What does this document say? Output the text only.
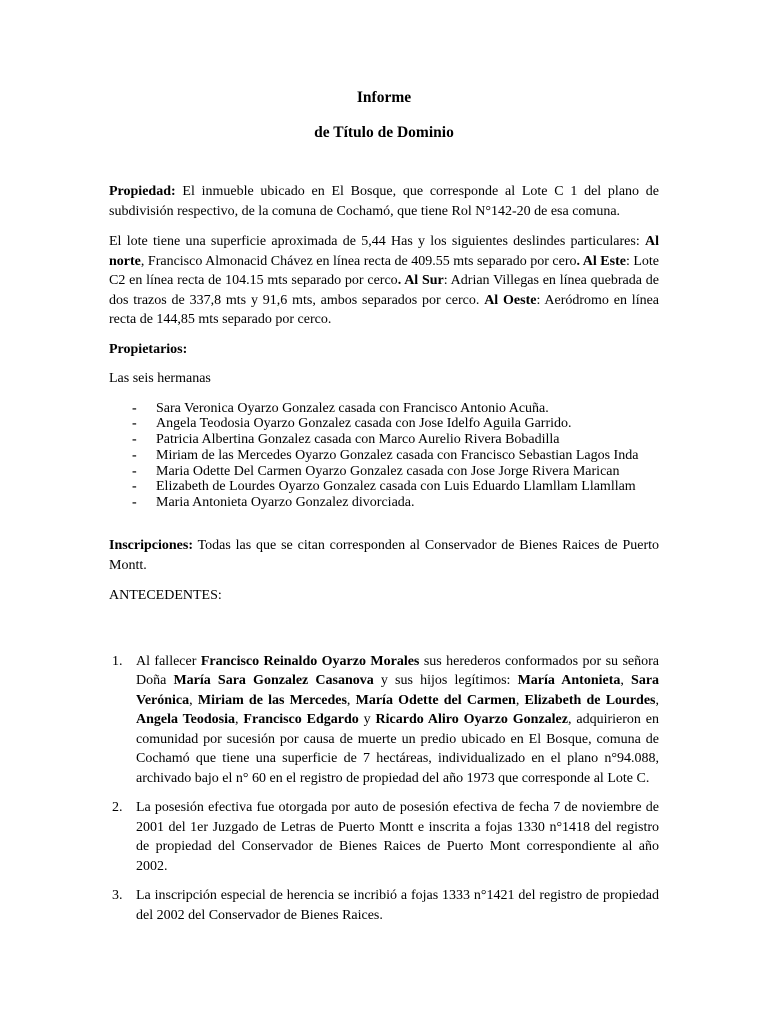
Informe
de Título de Dominio

Propiedad: El inmueble ubicado en El Bosque, que corresponde al Lote C 1 del plano de subdivisión respectivo, de la comuna de Cochamó, que tiene Rol N°142-20 de esa comuna.

El lote tiene una superficie aproximada de 5,44 Has y los siguientes deslindes particulares: Al norte, Francisco Almonacid Chávez en línea recta de 409.55 mts separado por cero. Al Este: Lote C2 en línea recta de 104.15 mts separado por cerco. Al Sur: Adrian Villegas en línea quebrada de dos trazos de 337,8 mts y 91,6 mts, ambos separados por cerco. Al Oeste: Aeródromo en línea recta de 144,85 mts separado por cerco.

Propietarios:

Las seis hermanas

- Sara Veronica Oyarzo Gonzalez casada con Francisco Antonio Acuña.
- Angela Teodosia Oyarzo Gonzalez casada con Jose Idelfo Aguila Garrido.
- Patricia Albertina Gonzalez casada con Marco Aurelio Rivera Bobadilla
- Miriam de las Mercedes Oyarzo Gonzalez casada con Francisco Sebastian Lagos Inda
- Maria Odette Del Carmen Oyarzo Gonzalez casada con Jose Jorge Rivera Marican
- Elizabeth de Lourdes Oyarzo Gonzalez casada con Luis Eduardo Llamllam Llamllam
- Maria Antonieta Oyarzo Gonzalez divorciada.

Inscripciones: Todas las que se citan corresponden al Conservador de Bienes Raices de Puerto Montt.

ANTECEDENTES:

1. Al fallecer Francisco Reinaldo Oyarzo Morales sus herederos conformados por su señora Doña María Sara Gonzalez Casanova y sus hijos legítimos: María Antonieta, Sara Verónica, Miriam de las Mercedes, María Odette del Carmen, Elizabeth de Lourdes, Angela Teodosia, Francisco Edgardo y Ricardo Aliro Oyarzo Gonzalez, adquirieron en comunidad por sucesión por causa de muerte un predio ubicado en El Bosque, comuna de Cochamó que tiene una superficie de 7 hectáreas, individualizado en el plano n°94.088, archivado bajo el n° 60 en el registro de propiedad del año 1973 que corresponde al Lote C.

2. La posesión efectiva fue otorgada por auto de posesión efectiva de fecha 7 de noviembre de 2001 del 1er Juzgado de Letras de Puerto Montt e inscrita a fojas 1330 n°1418 del registro de propiedad del Conservador de Bienes Raices de Puerto Mont correspondiente al año 2002.

3. La inscripción especial de herencia se incribió a fojas 1333 n°1421 del registro de propiedad del 2002 del Conservador de Bienes Raices.
